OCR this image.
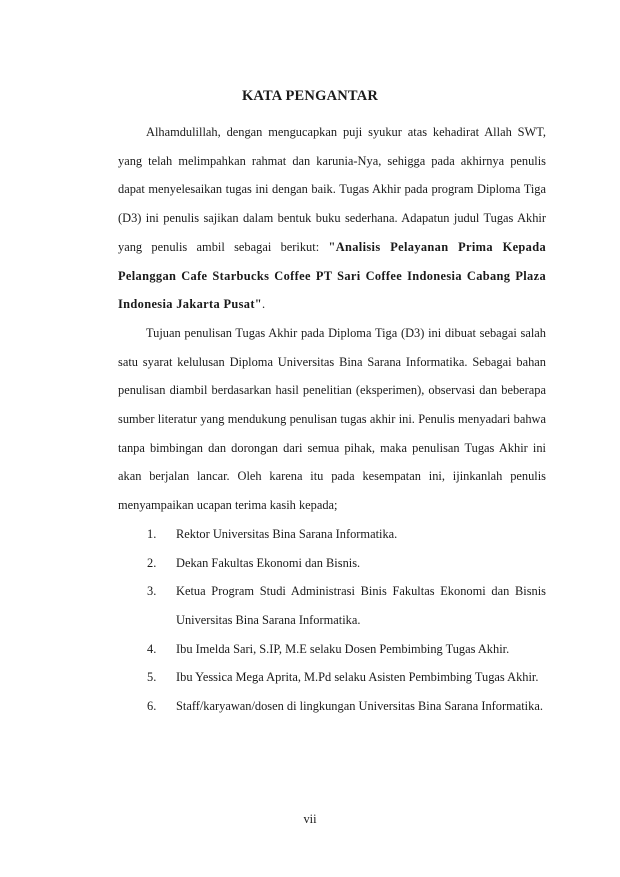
KATA PENGANTAR

Alhamdulillah, dengan mengucapkan puji syukur atas kehadirat Allah SWT, yang telah melimpahkan rahmat dan karunia-Nya, sehigga pada akhirnya penulis dapat menyelesaikan tugas ini dengan baik. Tugas Akhir pada program Diploma Tiga (D3) ini penulis sajikan dalam bentuk buku sederhana. Adapatun judul Tugas Akhir yang penulis ambil sebagai berikut: "Analisis Pelayanan Prima Kepada Pelanggan Cafe Starbucks Coffee PT Sari Coffee Indonesia Cabang Plaza Indonesia Jakarta Pusat".

Tujuan penulisan Tugas Akhir pada Diploma Tiga (D3) ini dibuat sebagai salah satu syarat kelulusan Diploma Universitas Bina Sarana Informatika. Sebagai bahan penulisan diambil berdasarkan hasil penelitian (eksperimen), observasi dan beberapa sumber literatur yang mendukung penulisan tugas akhir ini. Penulis menyadari bahwa tanpa bimbingan dan dorongan dari semua pihak, maka penulisan Tugas Akhir ini akan berjalan lancar. Oleh karena itu pada kesempatan ini, ijinkanlah penulis menyampaikan ucapan terima kasih kepada;

1.	Rektor Universitas Bina Sarana Informatika.
2.	Dekan Fakultas Ekonomi dan Bisnis.
3.	Ketua Program Studi Administrasi Binis Fakultas Ekonomi dan Bisnis Universitas Bina Sarana Informatika.
4.	Ibu Imelda Sari, S.IP, M.E selaku Dosen Pembimbing Tugas Akhir.
5.	Ibu Yessica Mega Aprita, M.Pd selaku Asisten Pembimbing Tugas Akhir.
6.	Staff/karyawan/dosen di lingkungan Universitas Bina Sarana Informatika.
vii
